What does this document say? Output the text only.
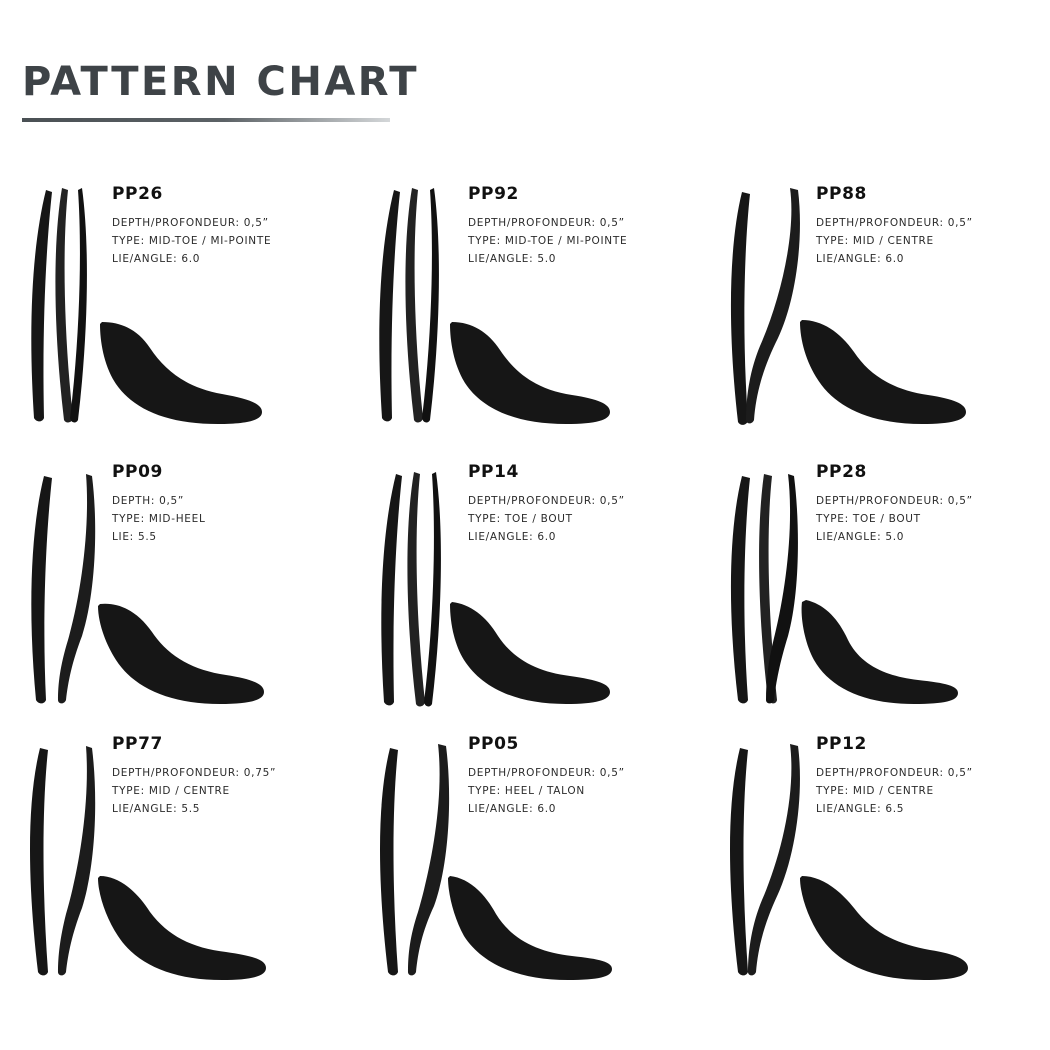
PATTERN CHART
PP26
DEPTH/PROFONDEUR: 0,5”
TYPE: MID-TOE / MI-POINTE
LIE/ANGLE: 6.0
PP92
DEPTH/PROFONDEUR: 0,5”
TYPE: MID-TOE / MI-POINTE
LIE/ANGLE: 5.0
PP88
DEPTH/PROFONDEUR: 0,5”
TYPE: MID / CENTRE
LIE/ANGLE: 6.0
PP09
DEPTH: 0,5”
TYPE: MID-HEEL
LIE: 5.5
PP14
DEPTH/PROFONDEUR: 0,5”
TYPE: TOE / BOUT
LIE/ANGLE: 6.0
PP28
DEPTH/PROFONDEUR: 0,5”
TYPE: TOE / BOUT
LIE/ANGLE: 5.0
PP77
DEPTH/PROFONDEUR: 0,75”
TYPE: MID / CENTRE
LIE/ANGLE: 5.5
PP05
DEPTH/PROFONDEUR: 0,5”
TYPE: HEEL / TALON
LIE/ANGLE: 6.0
PP12
DEPTH/PROFONDEUR: 0,5”
TYPE: MID / CENTRE
LIE/ANGLE: 6.5
